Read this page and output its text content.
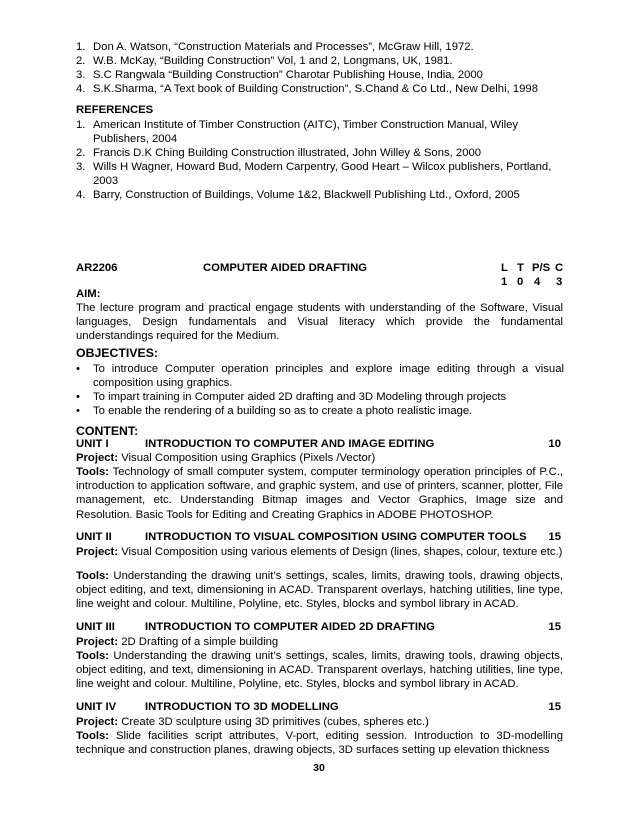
1. Don A. Watson, “Construction Materials and Processes”, McGraw Hill, 1972.
2. W.B. McKay, “Building Construction” Vol, 1 and 2, Longmans, UK, 1981.
3. S.C Rangwala “Building Construction” Charotar Publishing House, India, 2000
4. S.K.Sharma, “A Text book of Building Construction”, S.Chand & Co Ltd., New Delhi, 1998
REFERENCES
1. American Institute of Timber Construction (AITC), Timber Construction Manual, Wiley Publishers, 2004
2. Francis D.K Ching Building Construction illustrated, John Willey & Sons, 2000
3. Wills H Wagner, Howard Bud, Modern Carpentry, Good Heart – Wilcox publishers, Portland, 2003
4. Barry, Construction of Buildings, Volume 1&2, Blackwell Publishing Ltd., Oxford, 2005
AR2206	COMPUTER AIDED DRAFTING	L T P/S C
1 0 4 3
AIM:
The lecture program and practical engage students with understanding of the Software, Visual languages, Design fundamentals and Visual literacy which provide the fundamental understandings required for the Medium.
OBJECTIVES:
• To introduce Computer operation principles and explore image editing through a visual composition using graphics.
• To impart training in Computer aided 2D drafting and 3D Modeling through projects
• To enable the rendering of a building so as to create a photo realistic image.
CONTENT:
UNIT I	INTRODUCTION TO COMPUTER AND IMAGE EDITING	10
Project: Visual Composition using Graphics (Pixels /Vector)
Tools: Technology of small computer system, computer terminology operation principles of P.C., introduction to application software, and graphic system, and use of printers, scanner, plotter, File management, etc. Understanding Bitmap images and Vector Graphics, Image size and Resolution. Basic Tools for Editing and Creating Graphics in ADOBE PHOTOSHOP.
UNIT II	INTRODUCTION TO VISUAL COMPOSITION USING COMPUTER TOOLS 15
Project: Visual Composition using various elements of Design (lines, shapes, colour, texture etc.)
Tools: Understanding the drawing unit’s settings, scales, limits, drawing tools, drawing objects, object editing, and text, dimensioning in ACAD. Transparent overlays, hatching utilities, line type, line weight and colour. Multiline, Polyline, etc. Styles, blocks and symbol library in ACAD.
UNIT III	INTRODUCTION TO COMPUTER AIDED 2D DRAFTING	15
Project: 2D Drafting of a simple building
Tools: Understanding the drawing unit’s settings, scales, limits, drawing tools, drawing objects, object editing, and text, dimensioning in ACAD. Transparent overlays, hatching utilities, line type, line weight and colour. Multiline, Polyline, etc. Styles, blocks and symbol library in ACAD.
UNIT IV	INTRODUCTION TO 3D MODELLING	15
Project: Create 3D sculpture using 3D primitives (cubes, spheres etc.)
Tools: Slide facilities script attributes, V-port, editing session. Introduction to 3D-modelling technique and construction planes, drawing objects, 3D surfaces setting up elevation thickness
30
